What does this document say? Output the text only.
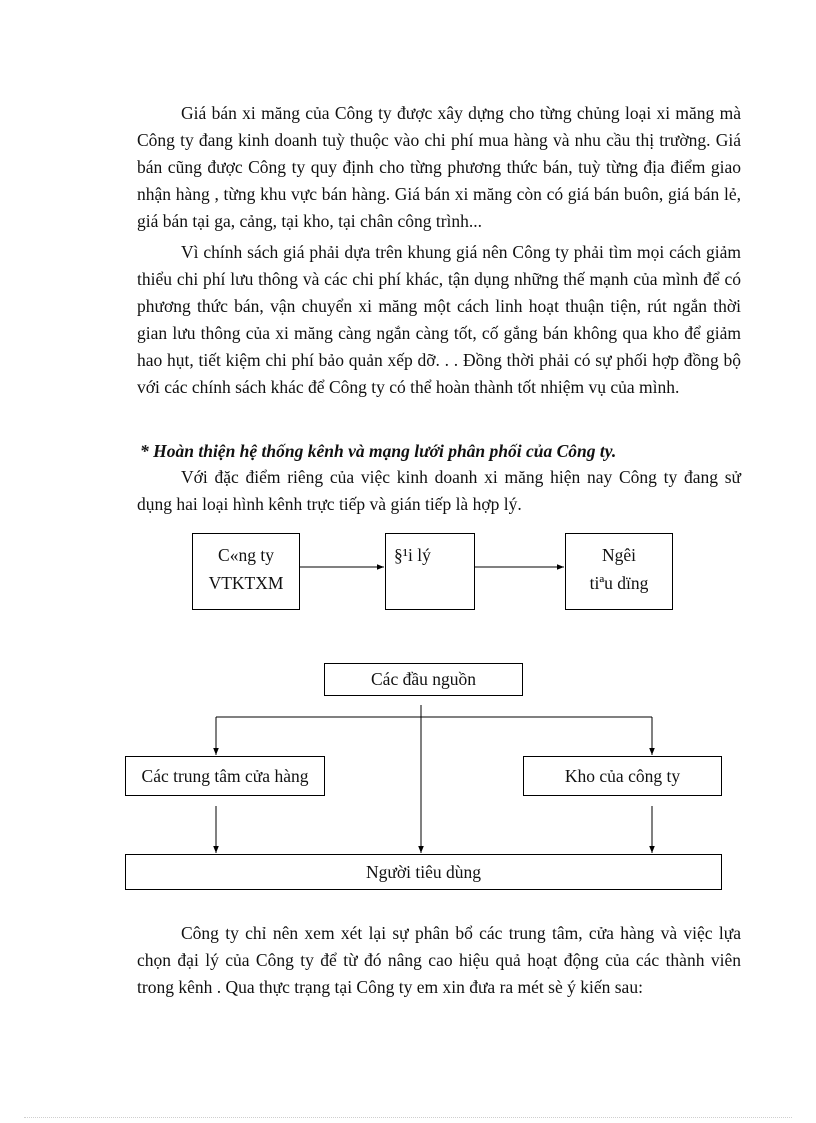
Giá bán xi măng của Công ty được xây dựng cho từng chủng loại xi măng mà Công ty đang kinh doanh tuỳ thuộc vào chi phí mua hàng và nhu cầu thị trường. Giá bán cũng được Công ty quy định cho từng phương thức bán, tuỳ từng địa điểm giao nhận hàng , từng khu vực bán hàng. Giá bán xi măng còn có giá bán buôn, giá bán lẻ, giá bán tại ga, cảng, tại kho, tại chân công trình...

Vì chính sách giá phải dựa trên khung giá nên Công ty phải tìm mọi cách giảm thiểu chi phí lưu thông và các chi phí khác, tận dụng những thế mạnh của mình để có phương thức bán, vận chuyển xi măng một cách linh hoạt thuận tiện, rút ngắn thời gian lưu thông của xi măng càng ngắn càng tốt, cố gắng bán không qua kho để giảm hao hụt, tiết kiệm chi phí bảo quản xếp dỡ. . . Đồng thời phải có sự phối hợp đồng bộ với các chính sách khác để Công ty có thể hoàn thành tốt nhiệm vụ của mình.

* Hoàn thiện hệ thống kênh và mạng lưới phân phối của Công ty.

Với đặc điểm riêng của việc kinh doanh xi măng hiện nay Công ty đang sử dụng hai loại hình kênh trực tiếp và gián tiếp là hợp lý.

C«ng ty
VTKTXM
§¹i lý	Ngêi
tiªu dïng
Các đầu nguồn
Các trung tâm cửa hàng	Kho của công ty
Người tiêu dùng

Công ty chỉ nên xem xét lại sự phân bổ các trung tâm, cửa hàng và việc lựa chọn đại lý của Công ty để từ đó nâng cao hiệu quả hoạt động của các thành viên trong kênh . Qua thực trạng tại Công ty em xin đưa ra mét sè ý kiến sau:
